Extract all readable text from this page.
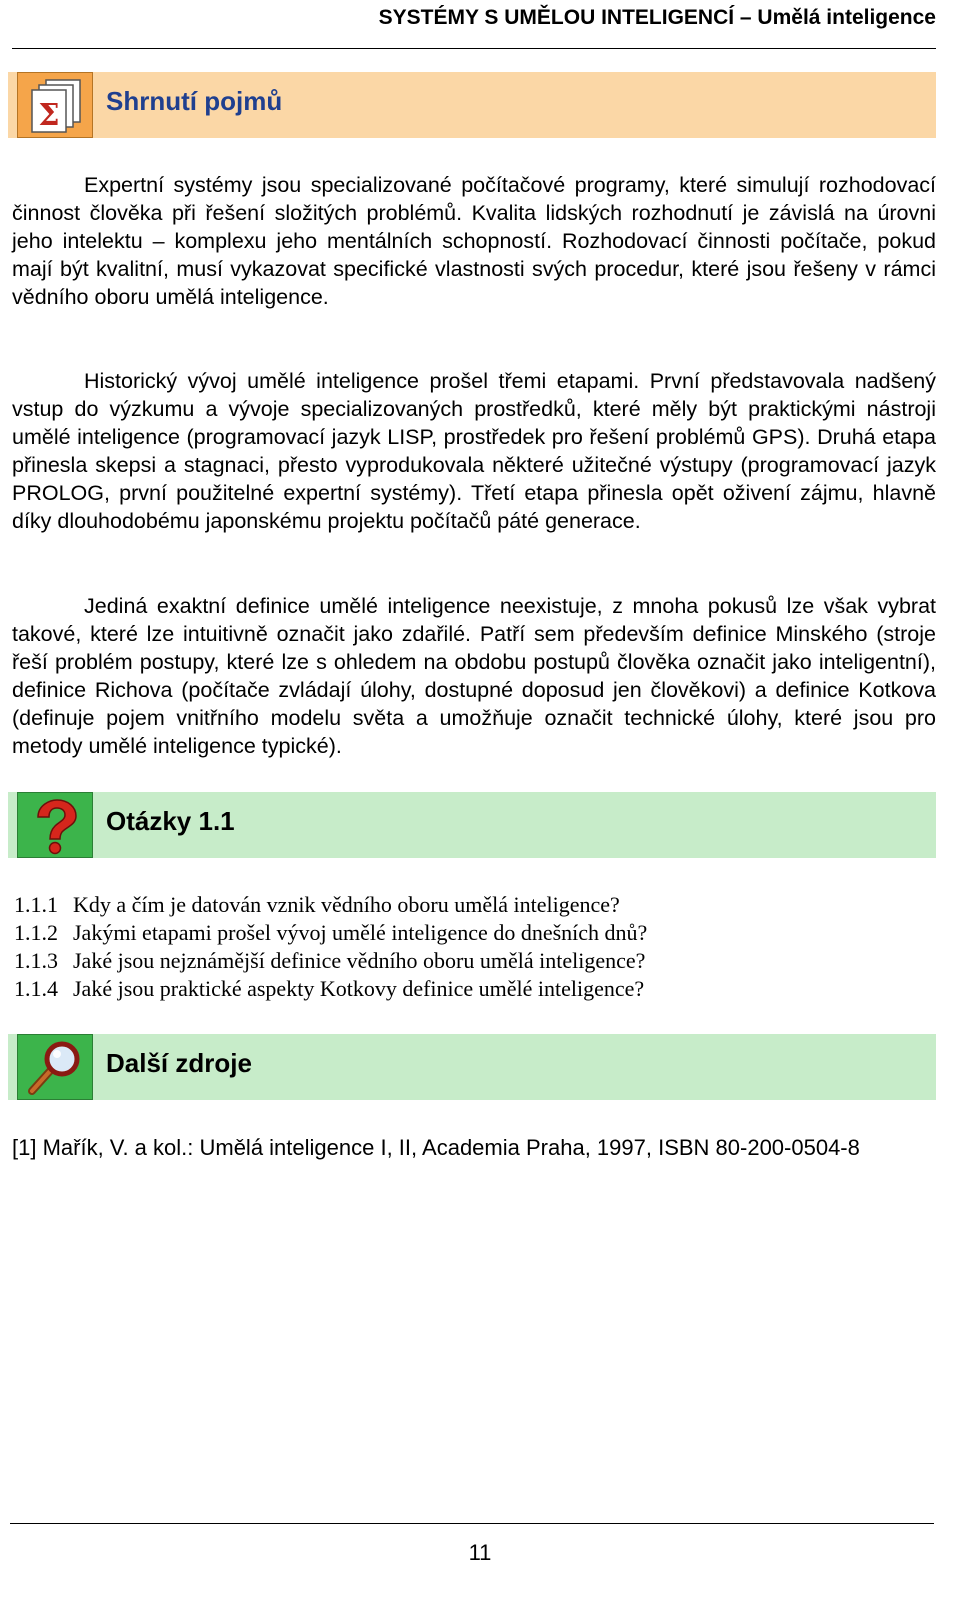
SYSTÉMY S UMĚLOU INTELIGENCÍ – Umělá inteligence
Σ Shrnutí pojmů

Expertní systémy jsou specializované počítačové programy, které simulují rozhodovací činnost člověka při řešení složitých problémů. Kvalita lidských rozhodnutí je závislá na úrovni jeho intelektu – komplexu jeho mentálních schopností. Rozhodovací činnosti počítače, pokud mají být kvalitní, musí vykazovat specifické vlastnosti svých procedur, které jsou řešeny v rámci vědního oboru umělá inteligence.

Historický vývoj umělé inteligence prošel třemi etapami. První představovala nadšený vstup do výzkumu a vývoje specializovaných prostředků, které měly být praktickými nástroji umělé inteligence (programovací jazyk LISP, prostředek pro řešení problémů GPS). Druhá etapa přinesla skepsi a stagnaci, přesto vyprodukovala některé užitečné výstupy (programovací jazyk PROLOG, první použitelné expertní systémy). Třetí etapa přinesla opět oživení zájmu, hlavně díky dlouhodobému japonskému projektu počítačů páté generace.

Jediná exaktní definice umělé inteligence neexistuje, z mnoha pokusů lze však vybrat takové, které lze intuitivně označit jako zdařilé. Patří sem především definice Minského (stroje řeší problém postupy, které lze s ohledem na obdobu postupů člověka označit jako inteligentní), definice Richova (počítače zvládají úlohy, dostupné doposud jen člověkovi) a definice Kotkova (definuje pojem vnitřního modelu světa a umožňuje označit technické úlohy, které jsou pro metody umělé inteligence typické).

Otázky 1.1
1.1.1 Kdy a čím je datován vznik vědního oboru umělá inteligence?
1.1.2 Jakými etapami prošel vývoj umělé inteligence do dnešních dnů?
1.1.3 Jaké jsou nejznámější definice vědního oboru umělá inteligence?
1.1.4 Jaké jsou praktické aspekty Kotkovy definice umělé inteligence?
Další zdroje

[1] Mařík, V. a kol.: Umělá inteligence I, II, Academia Praha, 1997, ISBN 80-200-0504-8

11
